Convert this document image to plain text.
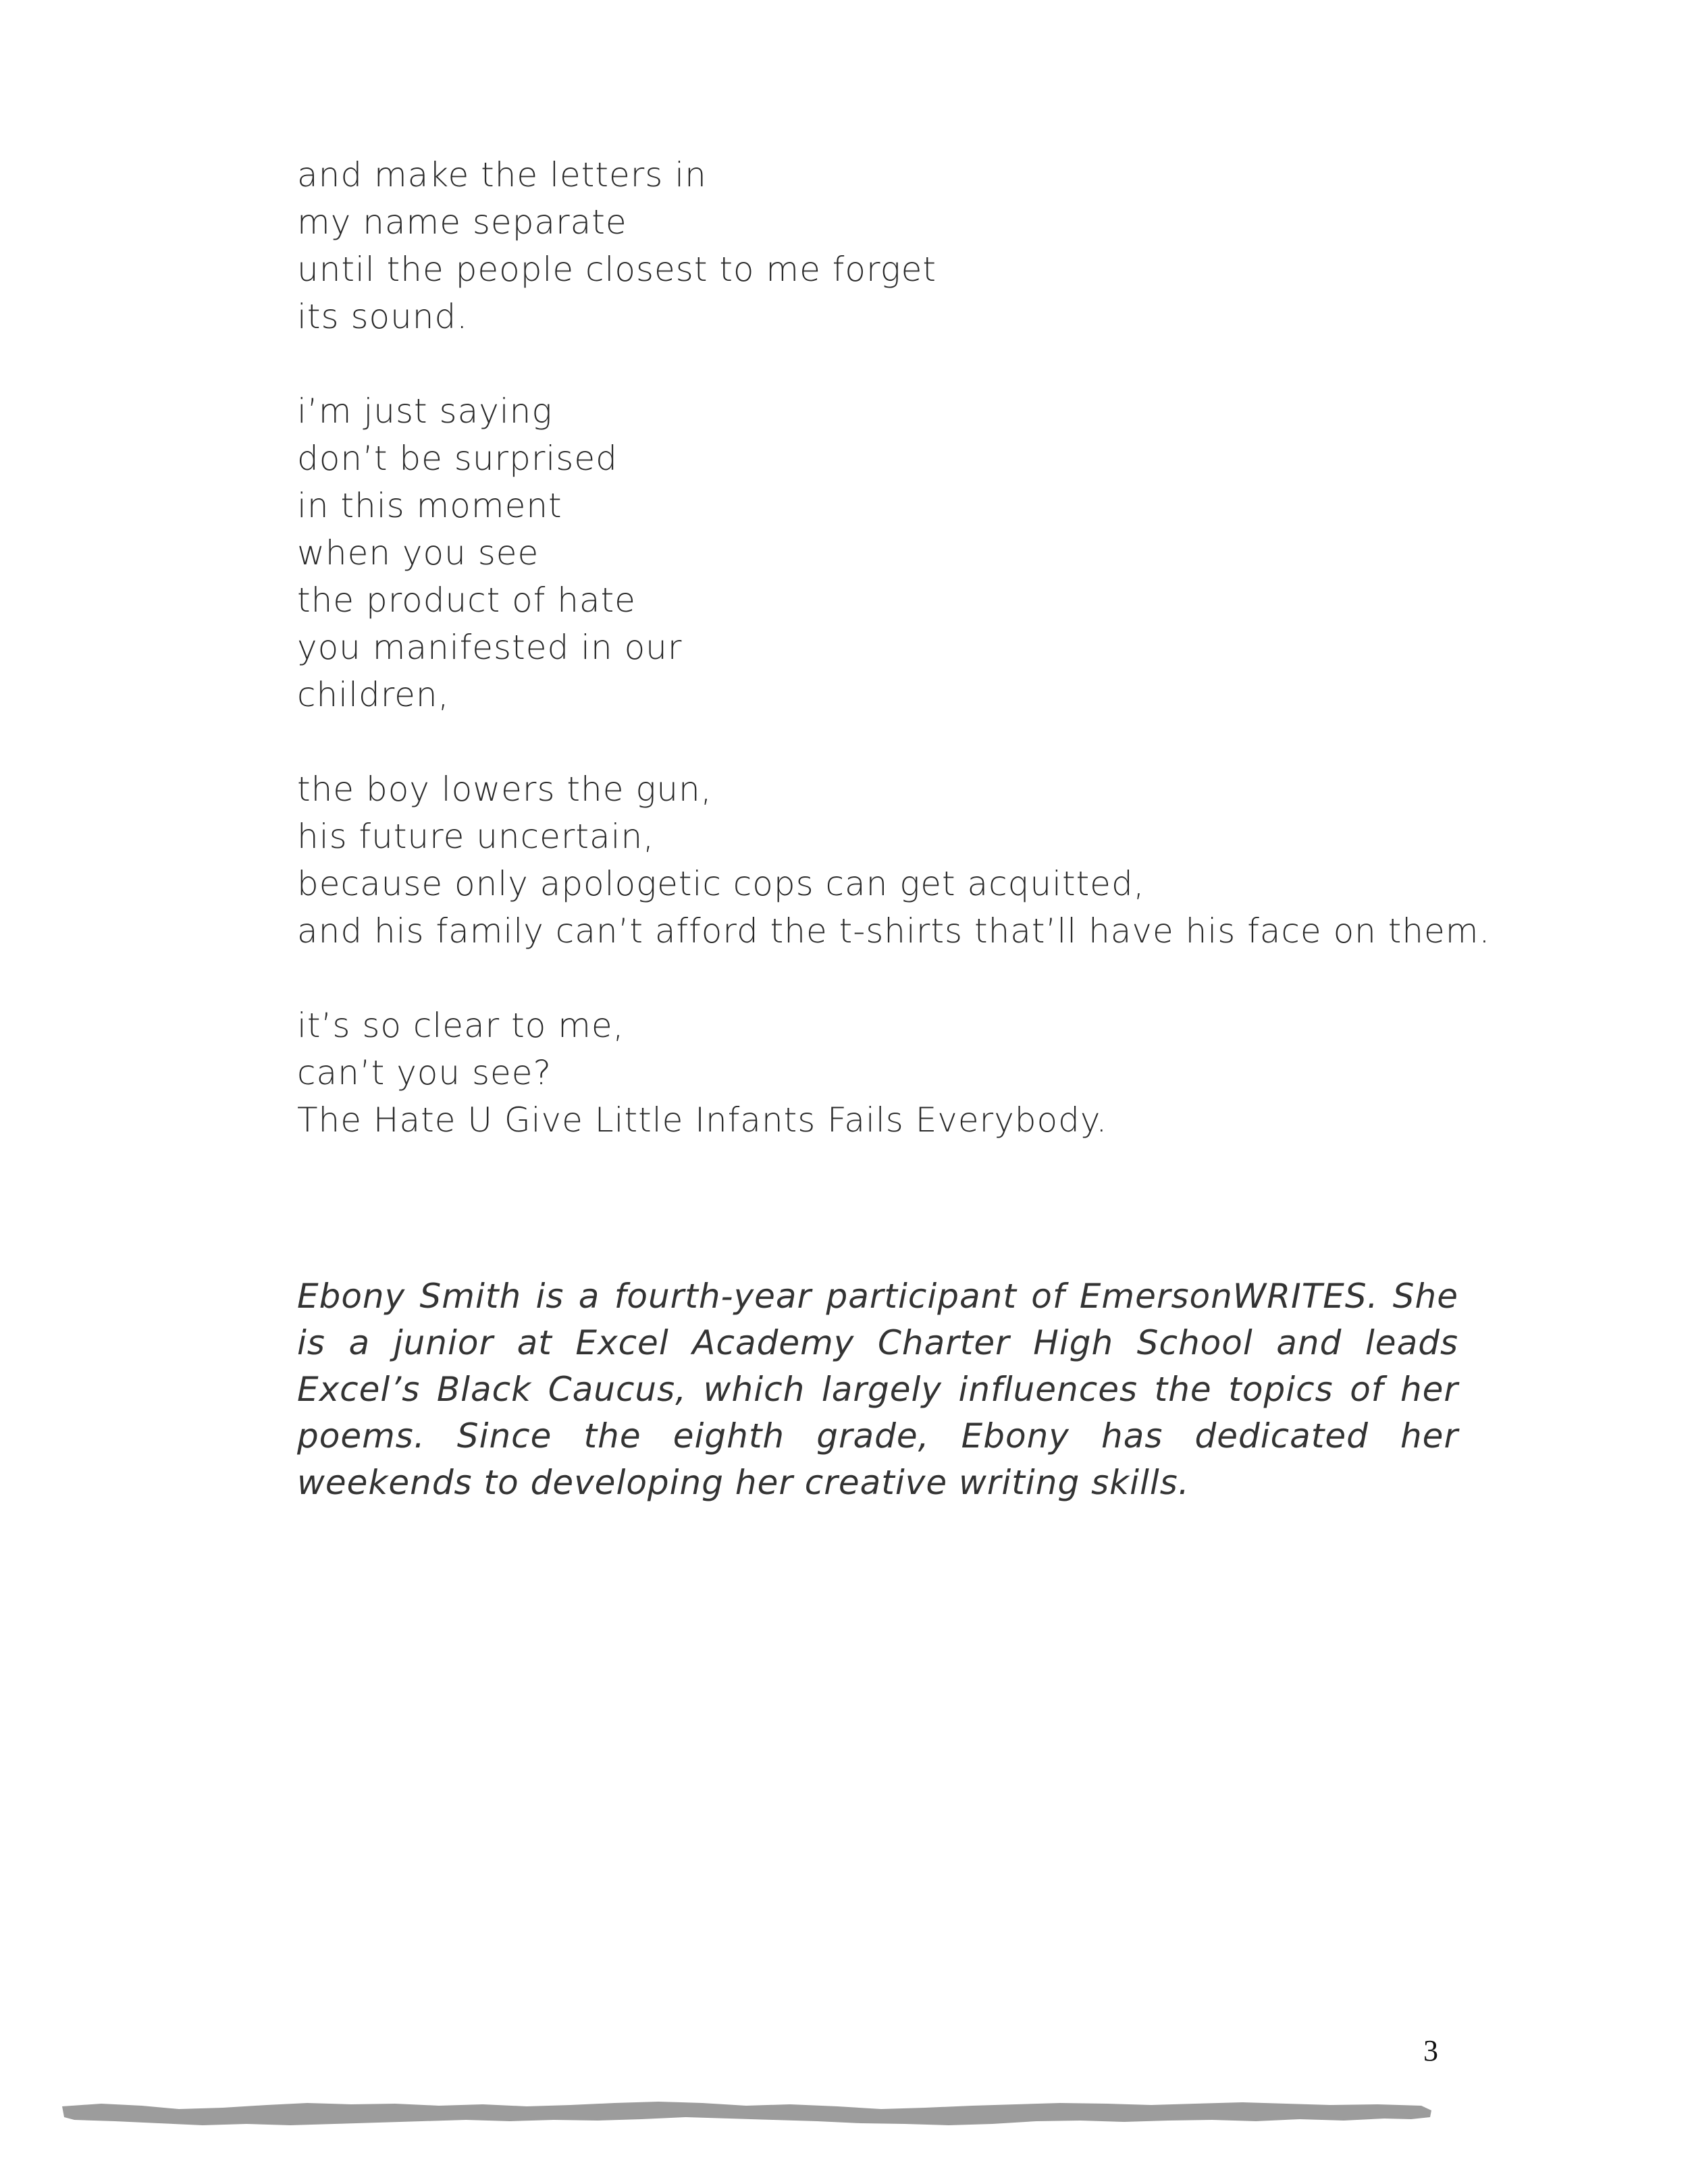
and make the letters in
my name separate
until the people closest to me forget
its sound.
i’m just saying
don’t be surprised
in this moment
when you see
the product of hate
you manifested in our
children,
the boy lowers the gun,
his future uncertain,
because only apologetic cops can get acquitted,
and his family can’t afford the t-shirts that’ll have his face on them.
it’s so clear to me,
can’t you see?
The Hate U Give Little Infants Fails Everybody.

Ebony Smith is a fourth-year participant of EmersonWRITES. She is a junior at Excel Academy Charter High School and leads Excel’s Black Caucus, which largely influences the topics of her poems. Since the eighth grade, Ebony has dedicated her weekends to developing her creative writing skills.

3
